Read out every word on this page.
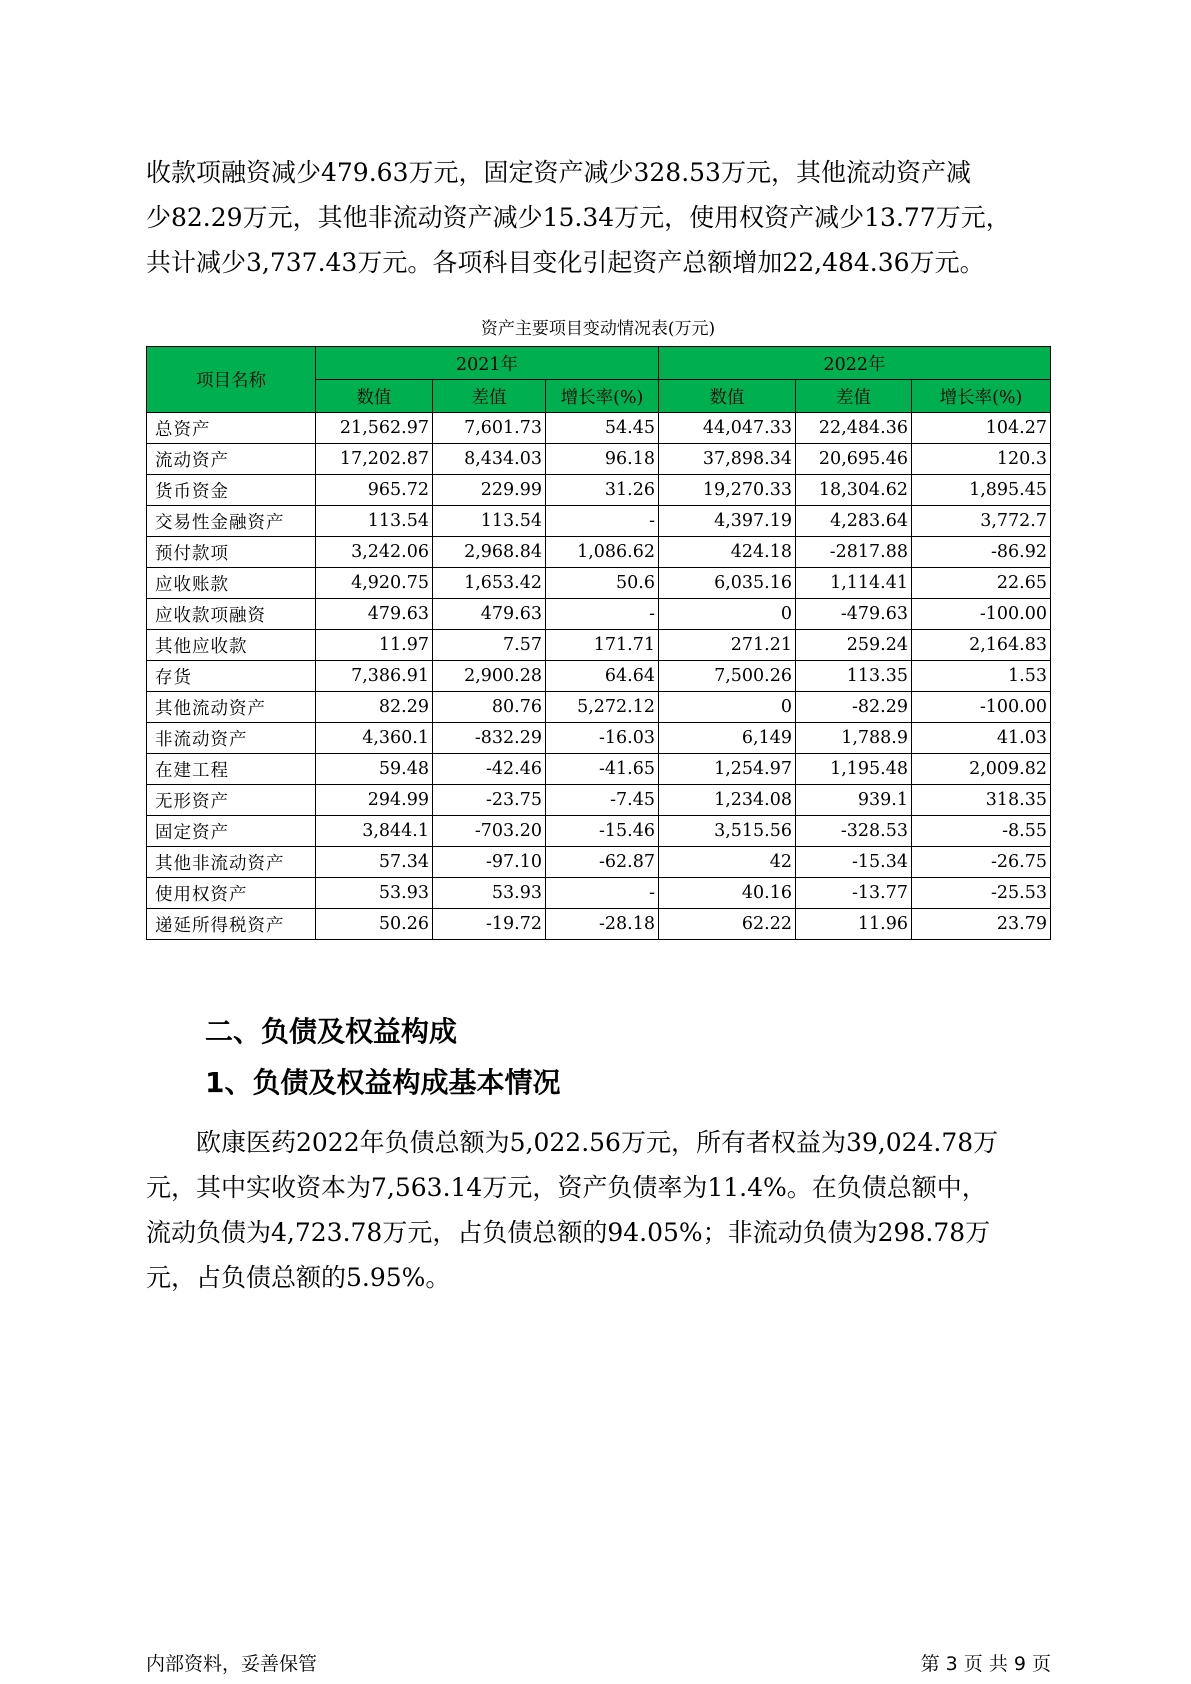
收款项融资减少479.63万元，固定资产减少328.53万元，其他流动资产减
少82.29万元，其他非流动资产减少15.34万元，使用权资产减少13.77万元，
共计减少3,737.43万元。各项科目变化引起资产总额增加22,484.36万元。
资产主要项目变动情况表(万元)
项目名称	2021年			2022年		
	数值	差值	增长率(%)	数值	差值	增长率(%)
总资产	21,562.97	7,601.73	54.45	44,047.33	22,484.36	104.27
流动资产	17,202.87	8,434.03	96.18	37,898.34	20,695.46	120.3
货币资金	965.72	229.99	31.26	19,270.33	18,304.62	1,895.45
交易性金融资产	113.54	113.54	-	4,397.19	4,283.64	3,772.7
预付款项	3,242.06	2,968.84	1,086.62	424.18	-2817.88	-86.92
应收账款	4,920.75	1,653.42	50.6	6,035.16	1,114.41	22.65
应收款项融资	479.63	479.63	-	0	-479.63	-100.00
其他应收款	11.97	7.57	171.71	271.21	259.24	2,164.83
存货	7,386.91	2,900.28	64.64	7,500.26	113.35	1.53
其他流动资产	82.29	80.76	5,272.12	0	-82.29	-100.00
非流动资产	4,360.1	-832.29	-16.03	6,149	1,788.9	41.03
在建工程	59.48	-42.46	-41.65	1,254.97	1,195.48	2,009.82
无形资产	294.99	-23.75	-7.45	1,234.08	939.1	318.35
固定资产	3,844.1	-703.20	-15.46	3,515.56	-328.53	-8.55
其他非流动资产	57.34	-97.10	-62.87	42	-15.34	-26.75
使用权资产	53.93	53.93	-	40.16	-13.77	-25.53
递延所得税资产	50.26	-19.72	-28.18	62.22	11.96	23.79
二、负债及权益构成
1、负债及权益构成基本情况
欧康医药2022年负债总额为5,022.56万元，所有者权益为39,024.78万
元，其中实收资本为7,563.14万元，资产负债率为11.4%。在负债总额中，
流动负债为4,723.78万元，占负债总额的94.05%；非流动负债为298.78万
元，占负债总额的5.95%。
内部资料，妥善保管	第 3 页 共 9 页
